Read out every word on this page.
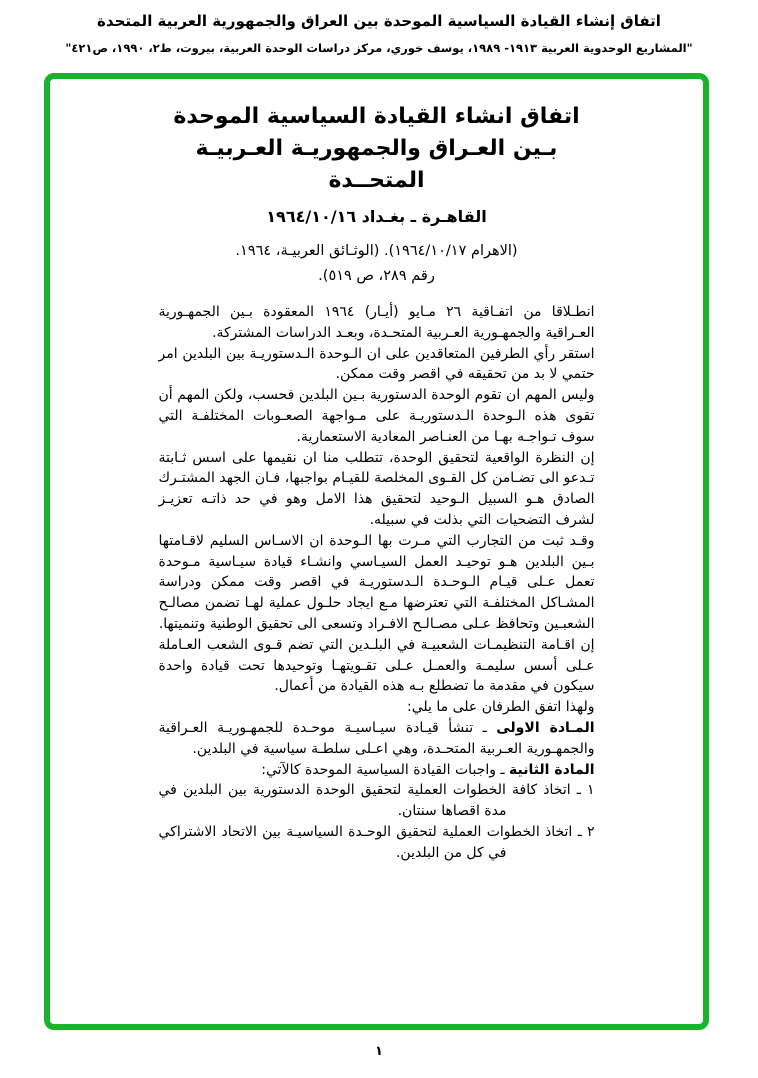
اتفاق إنشاء القيادة السياسية الموحدة بين العراق والجمهورية العربية المتحدة
"المشاريع الوحدوية العربية ١٩١٣- ١٩٨٩، يوسف خوري، مركز دراسات الوحدة العربية، بيروت، ط٢، ١٩٩٠، ص٤٢١"
اتفاق انشاء القيادة السياسية الموحدة
بـين العـراق والجمهوريـة العـربيـة
المتحــدة
القاهـرة ـ بغـداد ١٦‏/١٠‏/١٩٦٤
(الاهرام ١٧‏/١٠‏/١٩٦٤). (الوثـائق العربيـة، ١٩٦٤.
رقم ٢٨٩، ص ٥١٩).

انطـلاقا من اتفـاقية ٢٦ مـايو (أيـار) ١٩٦٤ المعقودة بـين الجمهـورية العـراقية والجمهـورية العـربية المتحـدة، وبعـد الدراسات المشتركة.

استقر رأي الطرفين المتعاقدين على ان الـوحدة الـدستوريـة بين البلدين امر حتمي لا بد من تحقيقه في اقصر وقت ممكن.

وليس المهم ان تقوم الوحدة الدستورية بـين البلدين فحسب، ولكن المهم أن تقوى هذه الـوحدة الـدستوريـة على مـواجهة الصعـوبات المختلفـة التي سوف تـواجـه بهـا من العنـاصر المعادية الاستعمارية.

إن النظرة الواقعية لتحقيق الوحدة، تتطلب منا ان نقيمها على اسس ثـابتة تـدعو الى تضـامن كل القـوى المخلصة للقيـام بواجبها، فـان الجهد المشتـرك الصادق هـو السبيل الـوحيد لتحقيق هذا الامل وهو في حد ذاتـه تعزيـز لشرف التضحيات التي بذلت في سبيله.

وقـد ثبت من التجارب التي مـرت بها الـوحدة ان الاسـاس السليم لاقـامتها بـين البلدين هـو توحيـد العمل السيـاسي وانشـاء قيادة سيـاسية مـوحدة تعمل عـلى قيـام الـوحـدة الـدستوريـة في اقصر وقت ممكن ودراسة المشـاكل المختلفـة التي تعترضها مـع ايجاد حلـول عملية لهـا تضمن مصالـح الشعبـين وتحافظ عـلى مصـالـح الافـراد وتسعى الى تحقيق الوطنية وتنميتها.

إن اقـامة التنظيمـات الشعبيـة في البلـدين التي تضم قـوى الشعب العـاملة عـلى أسس سليمـة والعمـل عـلى تقـويتهـا وتوحيدها تحت قيادة واحدة سيكون في مقدمة ما تضطلع بـه هذه القيادة من أعمال.

ولهذا اتفق الطرفان على ما يلي:

المـادة الاولى ـ تنشأ قيـادة سيـاسيـة موحـدة للجمهـوريـة العـراقية والجمهـورية العـربية المتحـدة، وهي اعـلى سلطـة سياسية في البلدين.

المادة الثانية ـ واجبات القيادة السياسية الموحدة كالآتي:

١ ـ اتخاذ كافة الخطوات العملية لتحقيق الوحدة الدستورية بين البلدين في مدة اقصاها سنتان.

٢ ـ اتخاذ الخطوات العملية لتحقيق الوحـدة السياسيـة بين الاتحاد الاشتراكي في كل من البلدين.

١
